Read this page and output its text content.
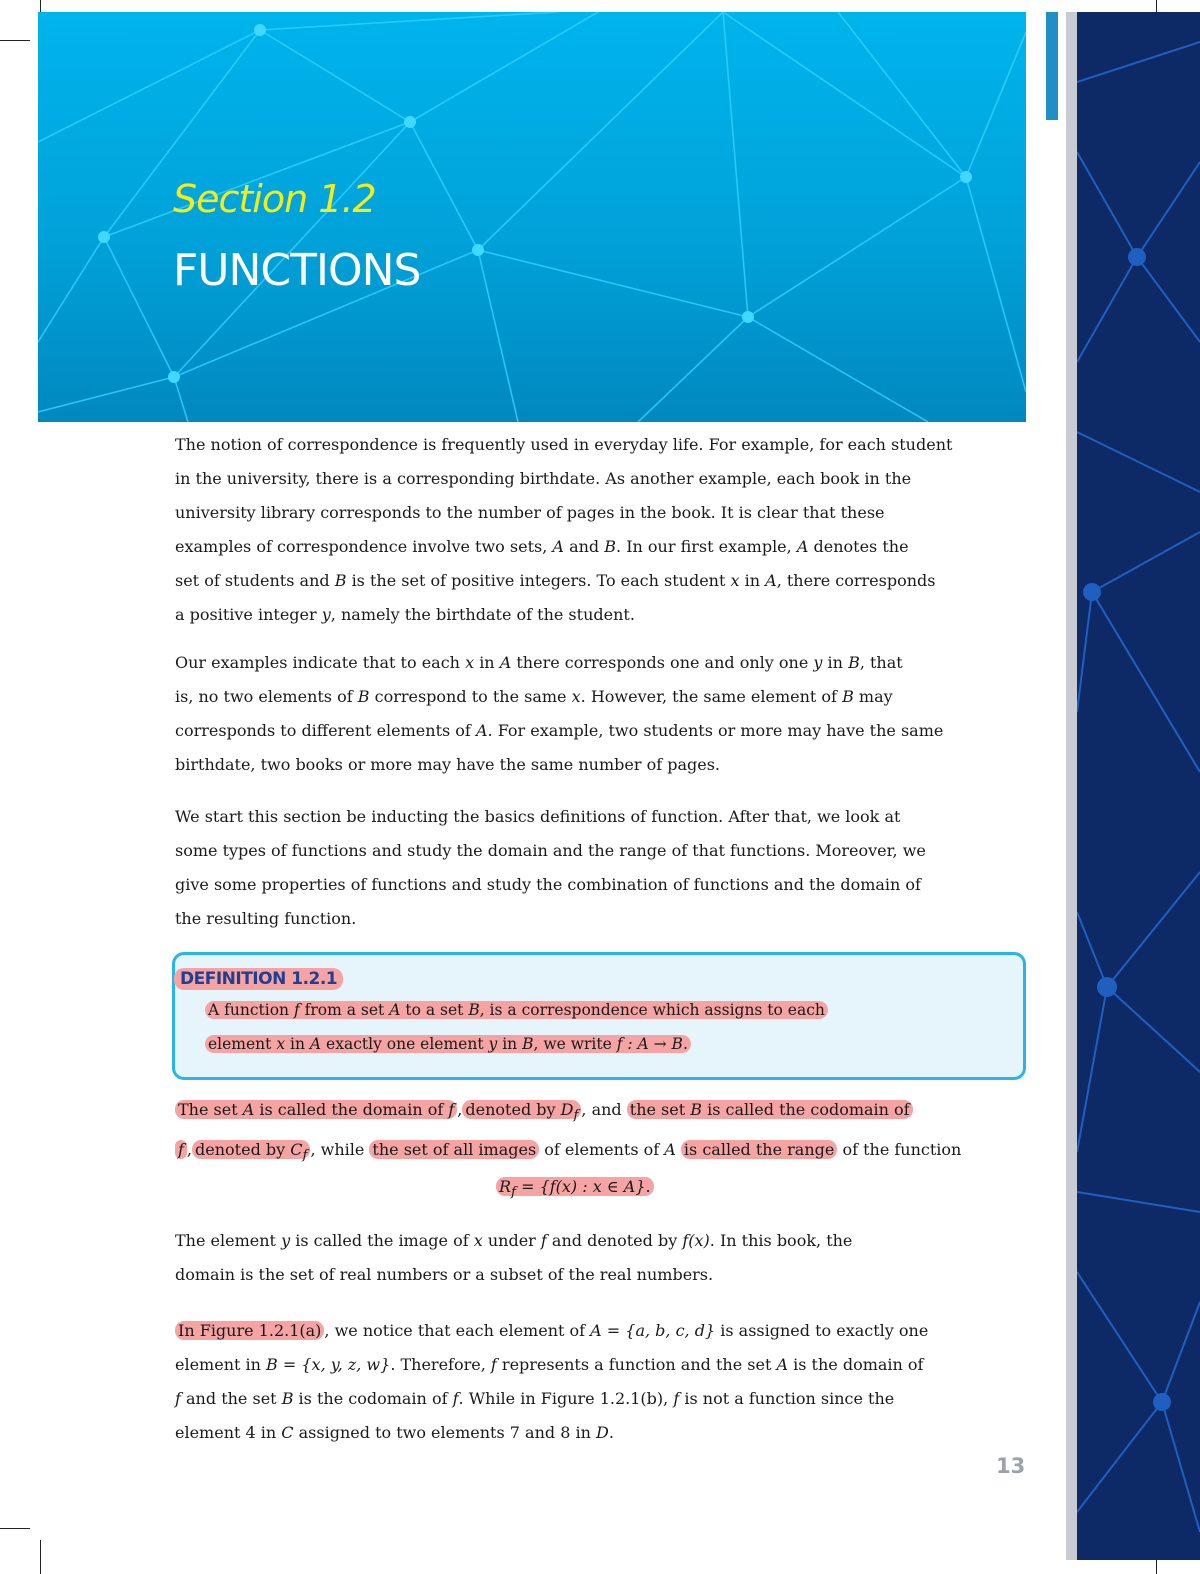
Section 1.2
FUNCTIONS
The notion of correspondence is frequently used in everyday life. For example, for each student
in the university, there is a corresponding birthdate. As another example, each book in the
university library corresponds to the number of pages in the book. It is clear that these
examples of correspondence involve two sets, A and B. In our first example, A denotes the
set of students and B is the set of positive integers. To each student x in A, there corresponds
a positive integer y, namely the birthdate of the student.
Our examples indicate that to each x in A there corresponds one and only one y in B, that
is, no two elements of B correspond to the same x. However, the same element of B may
corresponds to different elements of A. For example, two students or more may have the same
birthdate, two books or more may have the same number of pages.
We start this section be inducting the basics definitions of function. After that, we look at
some types of functions and study the domain and the range of that functions. Moreover, we
give some properties of functions and study the combination of functions and the domain of
the resulting function.
DEFINITION 1.2.1
A function f from a set A to a set B, is a correspondence which assigns to each
element x in A exactly one element y in B, we write f : A → B.
The set A is called the domain of f , denoted by $D_f$ , and the set B is called the codomain of
f , denoted by $C_f$ , while the set of all images of elements of A is called the range of the function
$R_f = \{f(x)$ : x ∈ A}.
The element y is called the image of x under f and denoted by f(x). In this book, the
domain is the set of real numbers or a subset of the real numbers.
In Figure 1.2.1(a) , we notice that each element of A = {a, b, c, d} is assigned to exactly one
element in B = {x, y, z, w}. Therefore, f represents a function and the set A is the domain of
f and the set B is the codomain of f. While in Figure 1.2.1(b), f is not a function since the
element 4 in C assigned to two elements 7 and 8 in D.
13
